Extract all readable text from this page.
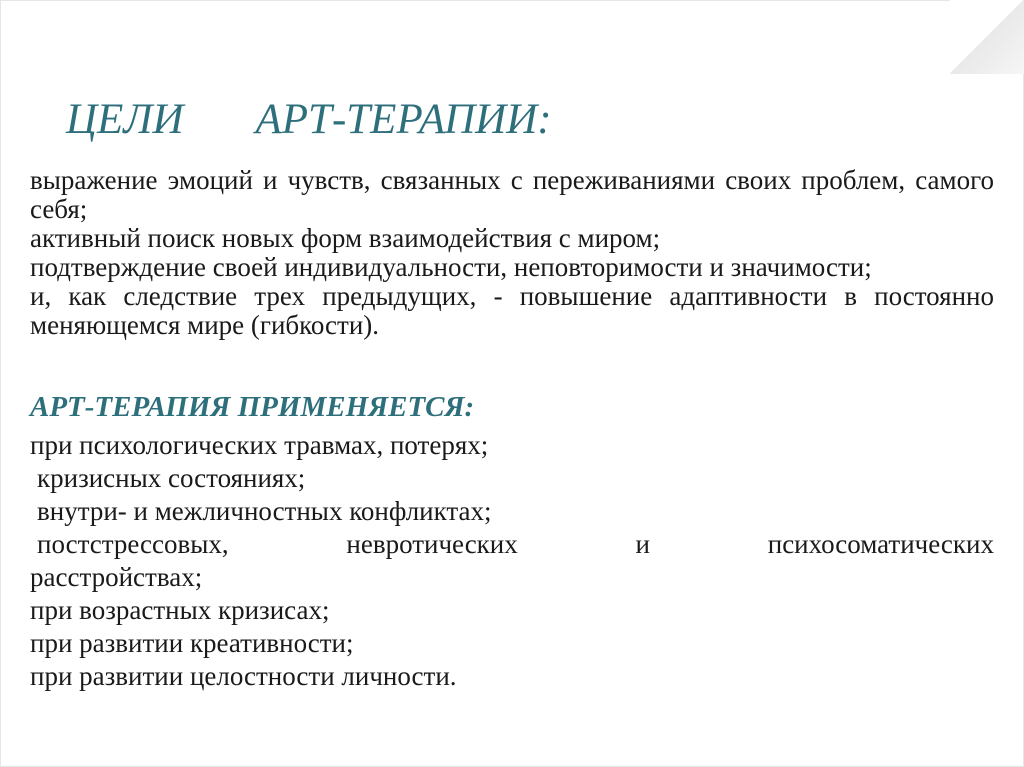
ЦЕЛИ АРТ-ТЕРАПИИ:

выражение эмоций и чувств, связанных с переживаниями своих проблем, самого себя;

активный поиск новых форм взаимодействия с миром;

подтверждение своей индивидуальности, неповторимости и значимости;

и, как следствие трех предыдущих, - повышение адаптивности в постоянно меняющемся мире (гибкости).

АРТ-ТЕРАПИЯ ПРИМЕНЯЕТСЯ:

при психологических травмах, потерях;

кризисных состояниях;

внутри- и межличностных конфликтах;

постстрессовых,	невротических	и	психосоматических

расстройствах;

при возрастных кризисах;

при развитии креативности;

при развитии целостности личности.
